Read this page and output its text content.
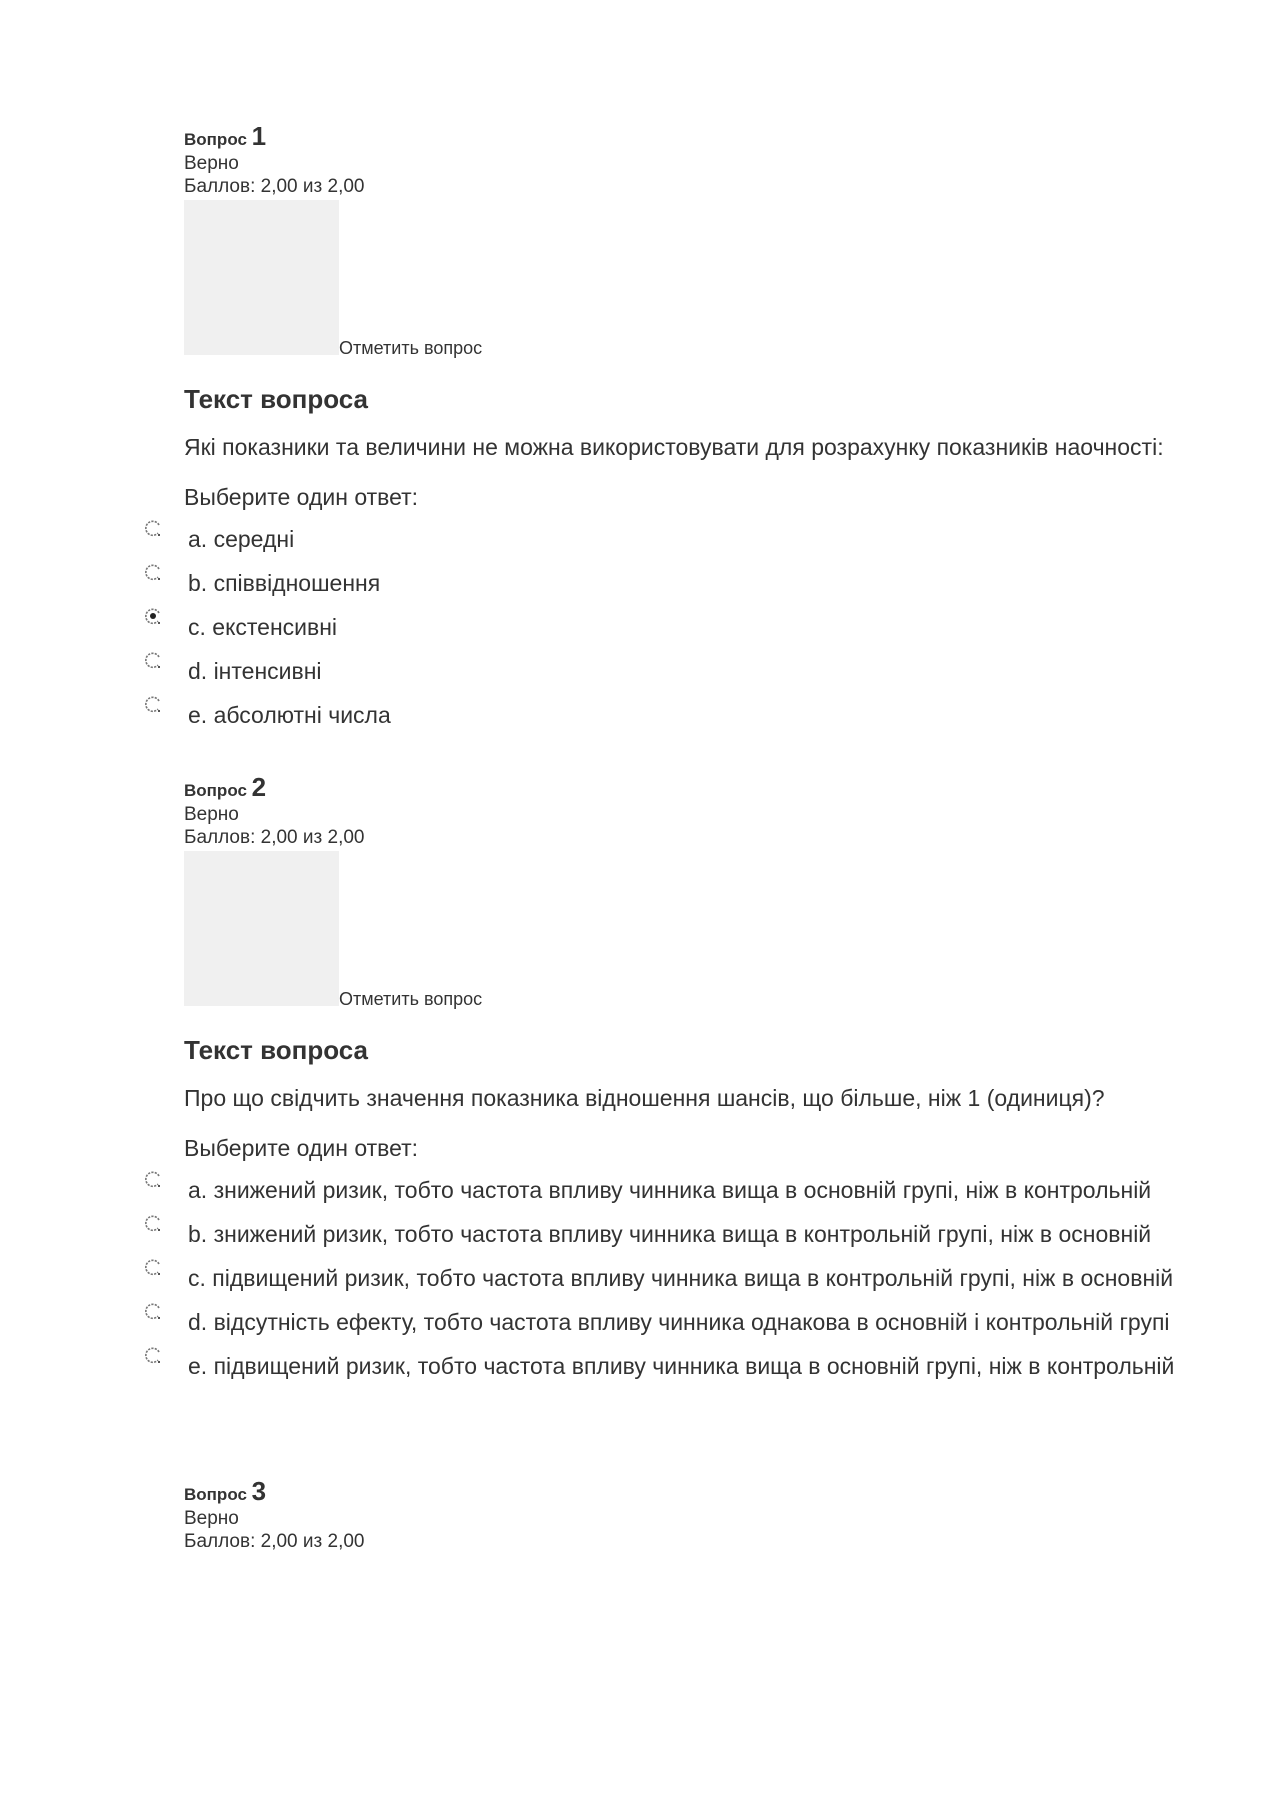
Вопрос 1
Верно
Баллов: 2,00 из 2,00
Отметить вопрос
Текст вопроса
Які показники та величини не можна використовувати для розрахунку показників наочності:
Выберите один ответ:
a. середні
b. співвідношення
c. екстенсивні
d. інтенсивні
e. абсолютні числа
Вопрос 2
Верно
Баллов: 2,00 из 2,00
Отметить вопрос
Текст вопроса
Про що свідчить значення показника відношення шансів, що більше, ніж 1 (одиниця)?
Выберите один ответ:
a. знижений ризик, тобто частота впливу чинника вища в основній групі, ніж в контрольній
b. знижений ризик, тобто частота впливу чинника вища в контрольній групі, ніж в основній
c. підвищений ризик, тобто частота впливу чинника вища в контрольній групі, ніж в основній
d. відсутність ефекту, тобто частота впливу чинника однакова в основній і контрольній групі
e. підвищений ризик, тобто частота впливу чинника вища в основній групі, ніж в контрольній
Вопрос 3
Верно
Баллов: 2,00 из 2,00
